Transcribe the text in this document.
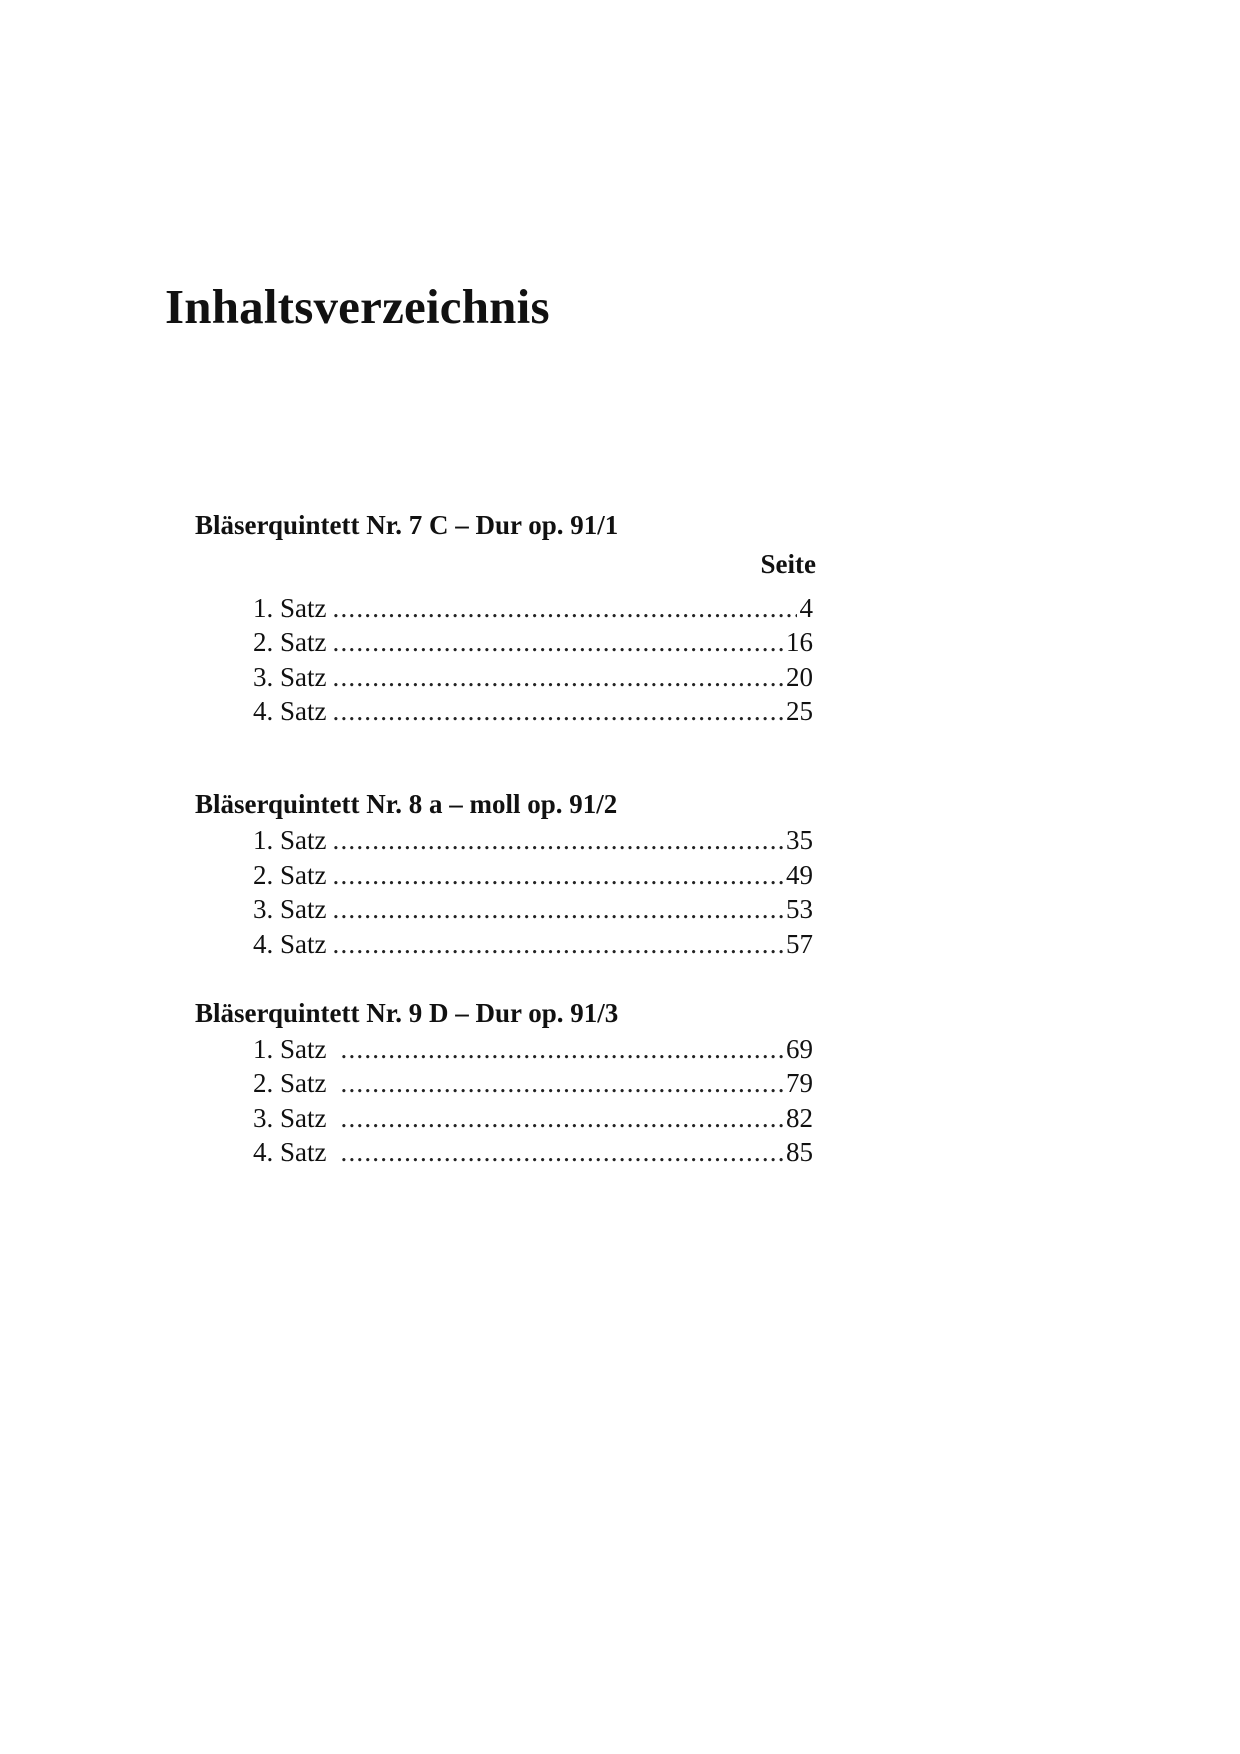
Inhaltsverzeichnis
Bläserquintett Nr. 7 C – Dur op. 91/1
Seite
1. Satz .....	4
2. Satz .....	16
3. Satz .....	20
4. Satz .....	25
Bläserquintett Nr. 8 a – moll op. 91/2
1. Satz .....	35
2. Satz .....	49
3. Satz .....	53
4. Satz .....	57
Bläserquintett Nr. 9 D – Dur op. 91/3
1. Satz .....	69
2. Satz .....	79
3. Satz .....	82
4. Satz .....	85
